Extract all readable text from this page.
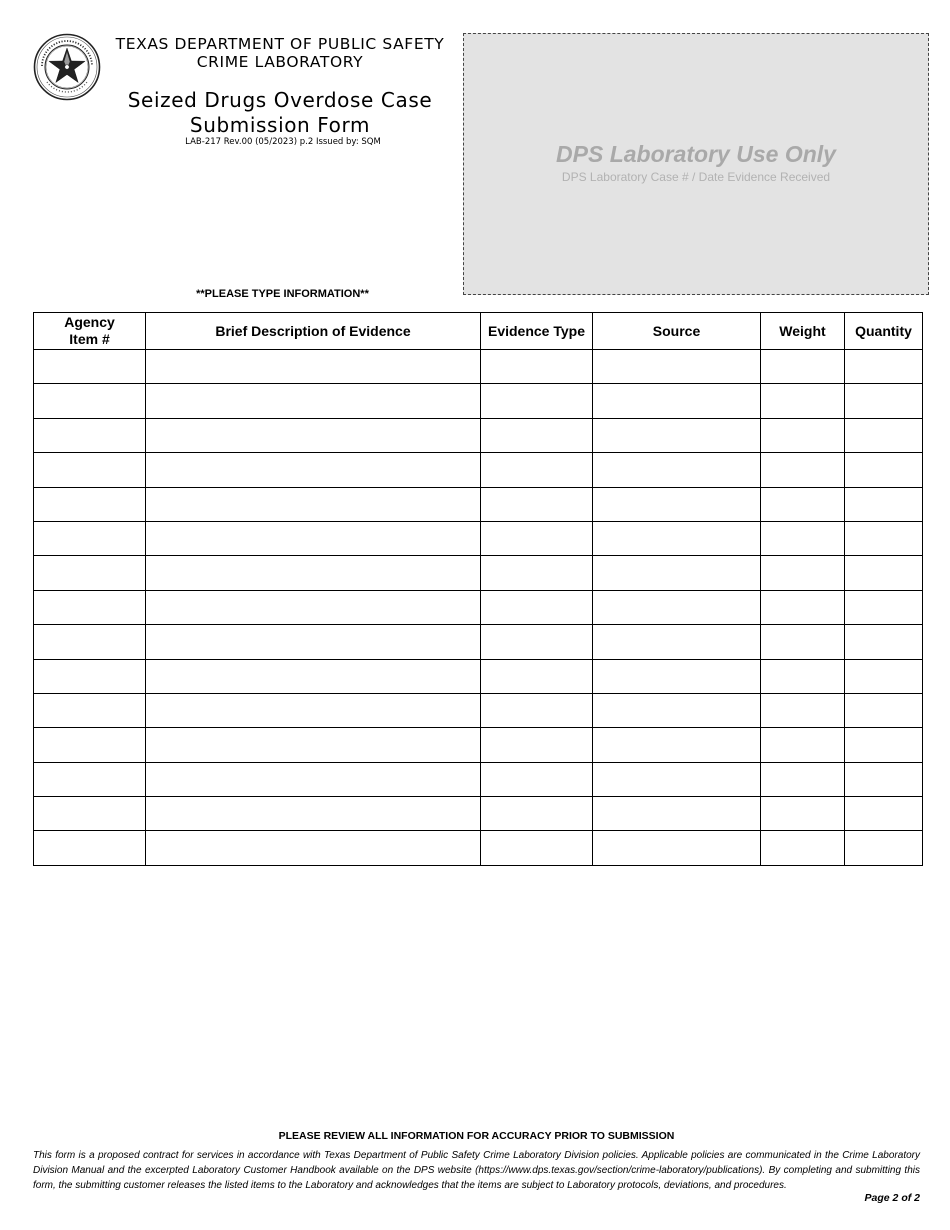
TEXAS DEPARTMENT OF PUBLIC SAFETY
CRIME LABORATORY
Seized Drugs Overdose Case
Submission Form
LAB-217 Rev.00 (05/2023) p.2 Issued by: SQM	DPS Laboratory Use Only
DPS Laboratory Case # / Date Evidence Received
**PLEASE TYPE INFORMATION**
Agency
Item #	Brief Description of Evidence	Evidence Type	Source	Weight	Quantity

PLEASE REVIEW ALL INFORMATION FOR ACCURACY PRIOR TO SUBMISSION
This form is a proposed contract for services in accordance with Texas Department of Public Safety Crime Laboratory Division policies. Applicable policies are communicated in the Crime Laboratory Division Manual and the excerpted Laboratory Customer Handbook available on the DPS website (https://www.dps.texas.gov/section/crime-laboratory/publications). By completing and submitting this form, the submitting customer releases the listed items to the Laboratory and acknowledges that the items are subject to Laboratory protocols, deviations, and procedures.
Page 2 of 2
